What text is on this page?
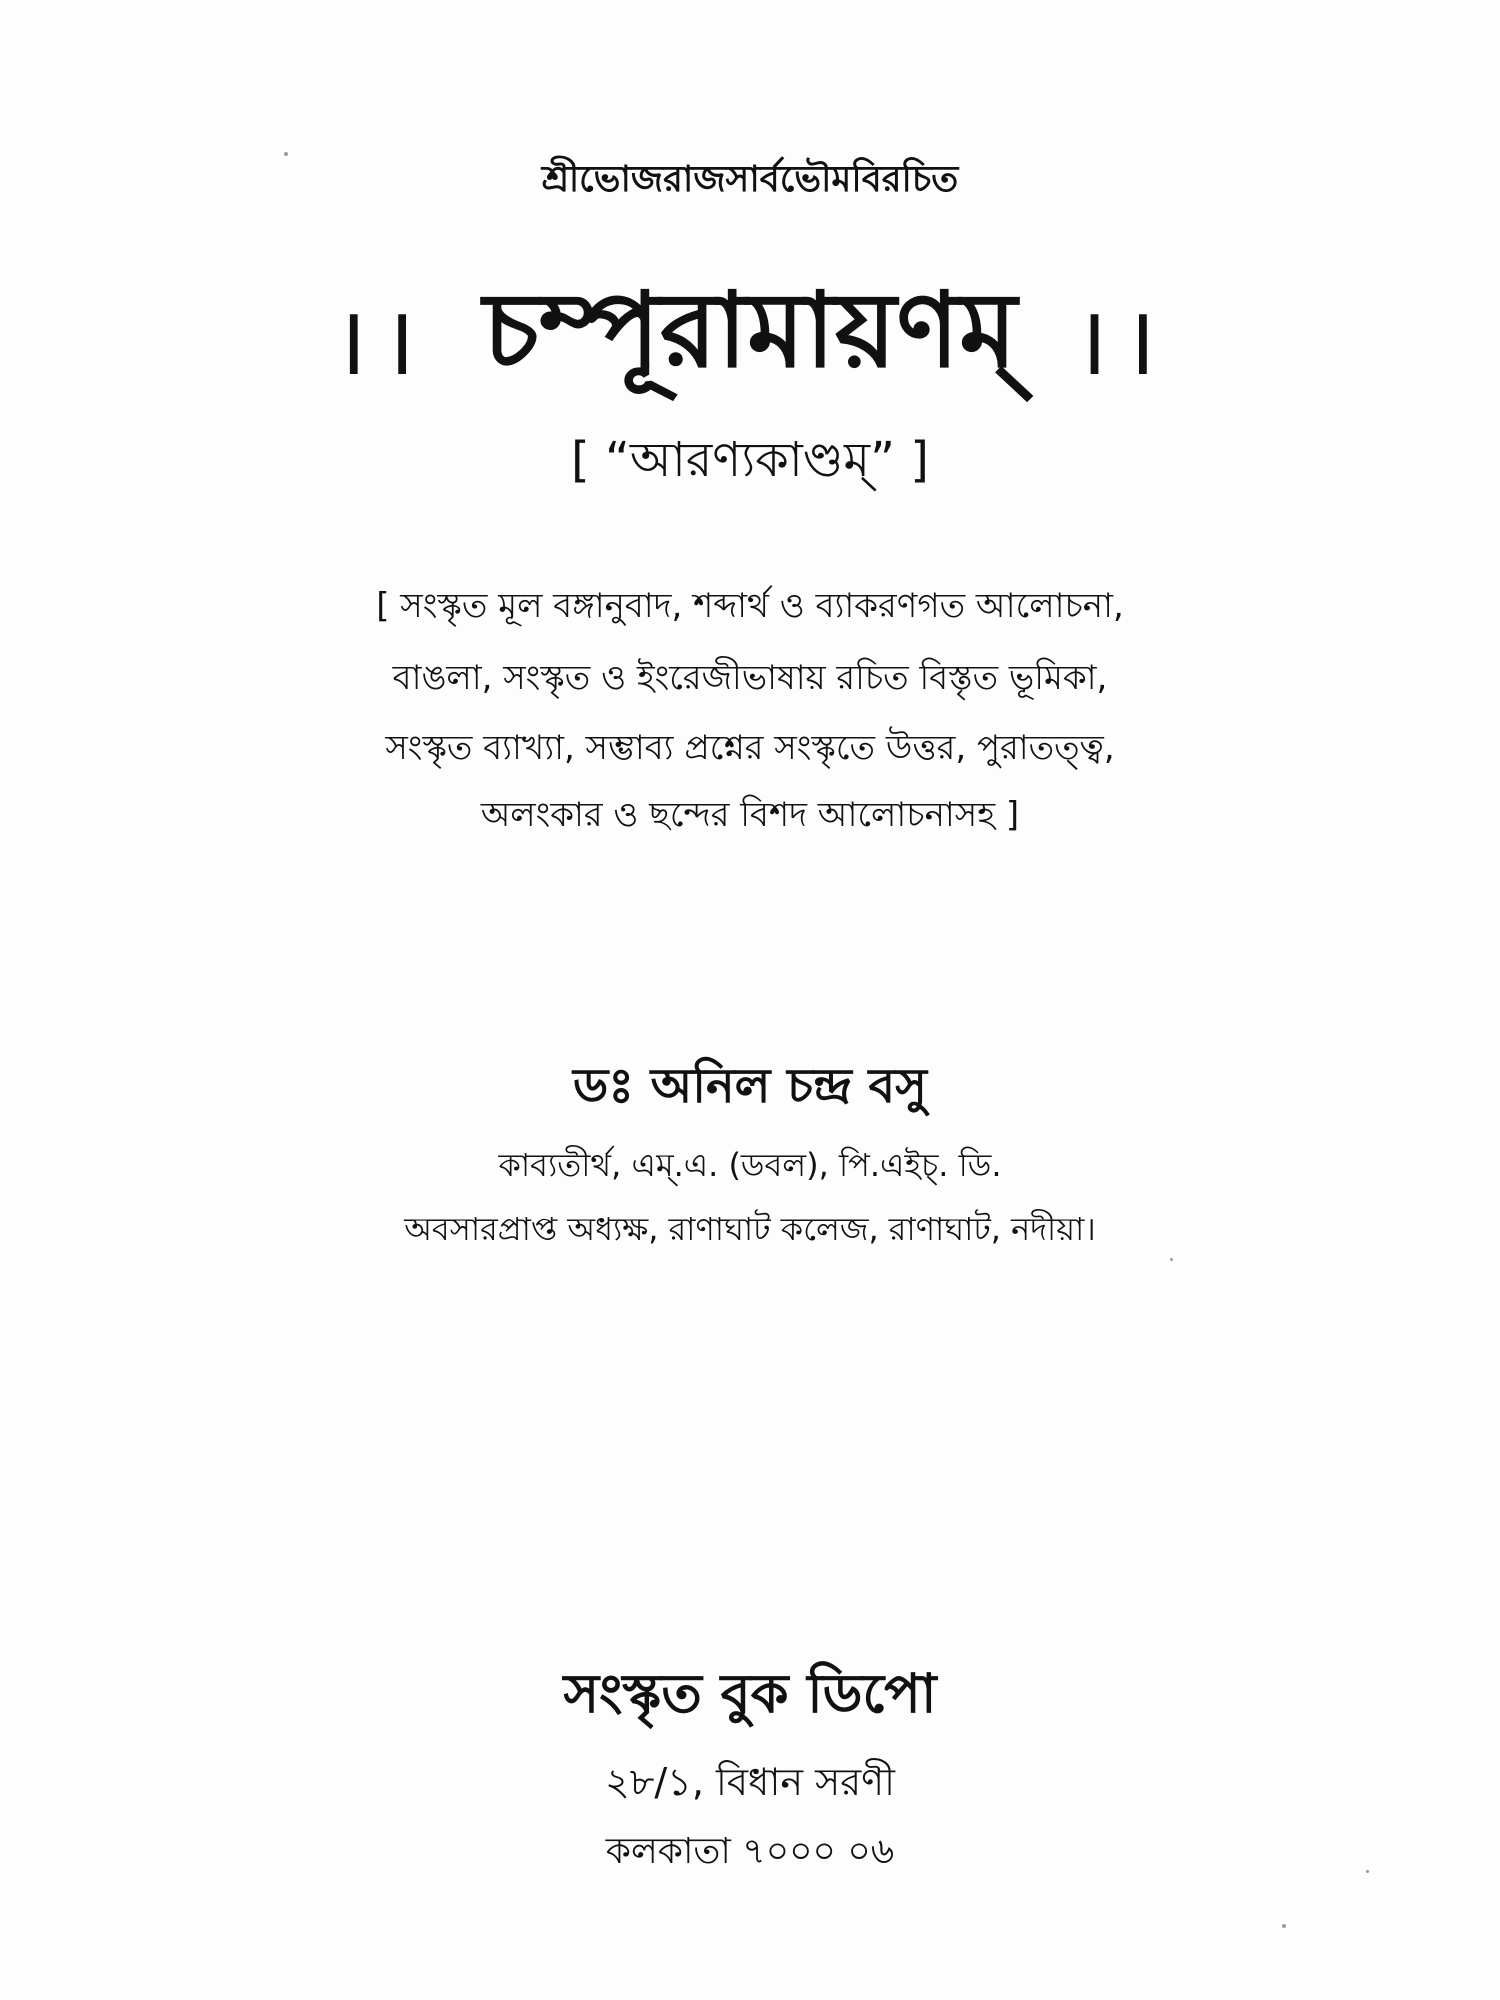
শ্রীভোজরাজসার্বভৌমবিরচিত
।। চম্পূরামায়ণম্ ।।
[ “আরণ্যকাণ্ডম্” ]
[ সংস্কৃত মূল বঙ্গানুবাদ, শব্দার্থ ও ব্যাকরণগত আলোচনা,
বাঙলা, সংস্কৃত ও ইংরেজীভাষায় রচিত বিস্তৃত ভূমিকা,
সংস্কৃত ব্যাখ্যা, সম্ভাব্য প্রশ্নের সংস্কৃতে উত্তর, পুরাতত্ত্ব,
অলংকার ও ছন্দের বিশদ আলোচনাসহ ]
ডঃ অনিল চন্দ্র বসু
কাব্যতীর্থ, এম্.এ. (ডবল), পি.এইচ্. ডি.
অবসারপ্রাপ্ত অধ্যক্ষ, রাণাঘাট কলেজ, রাণাঘাট, নদীয়া।
সংস্কৃত বুক ডিপো
২৮/১, বিধান সরণী
কলকাতা ৭০০০ ০৬
